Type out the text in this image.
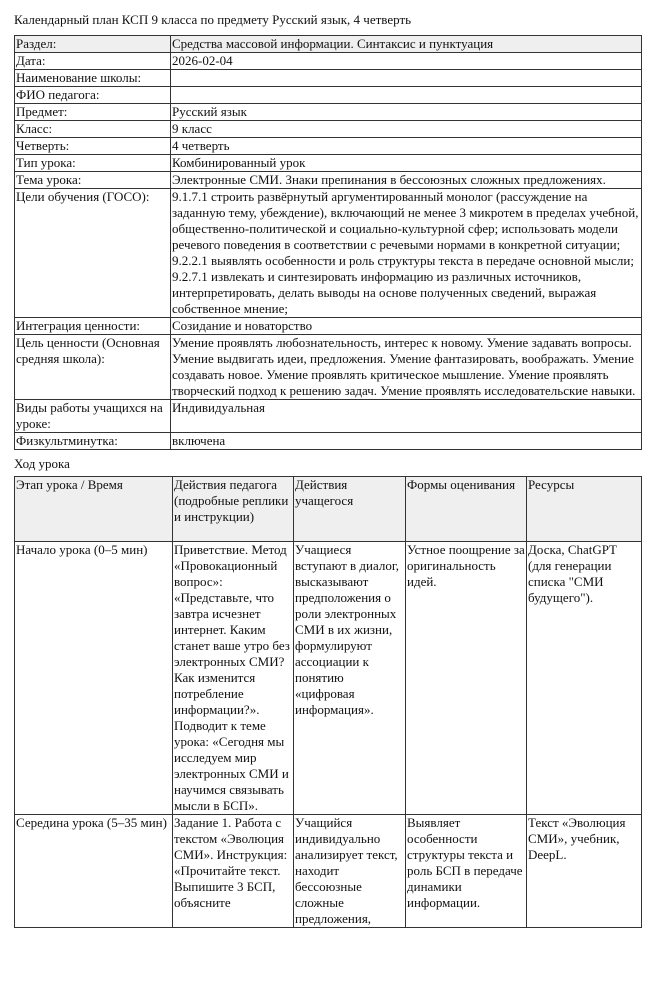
Календарный план КСП 9 класса по предмету Русский язык, 4 четверть
Раздел:	Средства массовой информации. Синтаксис и пунктуация
Дата:	2026-02-04
Наименование школы:	
ФИО педагога:	
Предмет:	Русский язык
Класс:	9 класс
Четверть:	4 четверть
Тип урока:	Комбинированный урок
Тема урока:	Электронные СМИ. Знаки препинания в бессоюзных сложных предложениях.
Цели обучения (ГОСО):	9.1.7.1 строить развёрнутый аргументированный монолог (рассуждение на заданную тему, убеждение), включающий не менее 3 микротем в пределах учебной, общественно-политической и социально-культурной сфер; использовать модели речевого поведения в соответствии с речевыми нормами в конкретной ситуации; 9.2.2.1 выявлять особенности и роль структуры текста в передаче основной мысли; 9.2.7.1 извлекать и синтезировать информацию из различных источников, интерпретировать, делать выводы на основе полученных сведений, выражая собственное мнение;
Интеграция ценности:	Созидание и новаторство
Цель ценности (Основная средняя школа):	Умение проявлять любознательность, интерес к новому. Умение задавать вопросы. Умение выдвигать идеи, предложения. Умение фантазировать, воображать. Умение создавать новое. Умение проявлять критическое мышление. Умение проявлять творческий подход к решению задач. Умение проявлять исследовательские навыки.
Виды работы учащихся на уроке:	Индивидуальная
Физкультминутка:	включена
Ход урока
Этап урока / Время	Действия педагога (подробные реплики и инструкции)	Действия учащегося	Формы оценивания	Ресурсы
Начало урока (0–5 мин)	Приветствие. Метод «Провокационный вопрос»: «Представьте, что завтра исчезнет интернет. Каким станет ваше утро без электронных СМИ? Как изменится потребление информации?». Подводит к теме урока: «Сегодня мы исследуем мир электронных СМИ и научимся связывать мысли в БСП».	Учащиеся вступают в диалог, высказывают предположения о роли электронных СМИ в их жизни, формулируют ассоциации к понятию «цифровая информация».	Устное поощрение за оригинальность идей.	Доска, ChatGPT (для генерации списка "СМИ будущего").
Середина урока (5–35 мин)	Задание 1. Работа с текстом «Эволюция СМИ». Инструкция: «Прочитайте текст. Выпишите 3 БСП, объясните	Учащийся индивидуально анализирует текст, находит бессоюзные сложные предложения,	Выявляет особенности структуры текста и роль БСП в передаче динамики информации.	Текст «Эволюция СМИ», учебник, DeepL.
